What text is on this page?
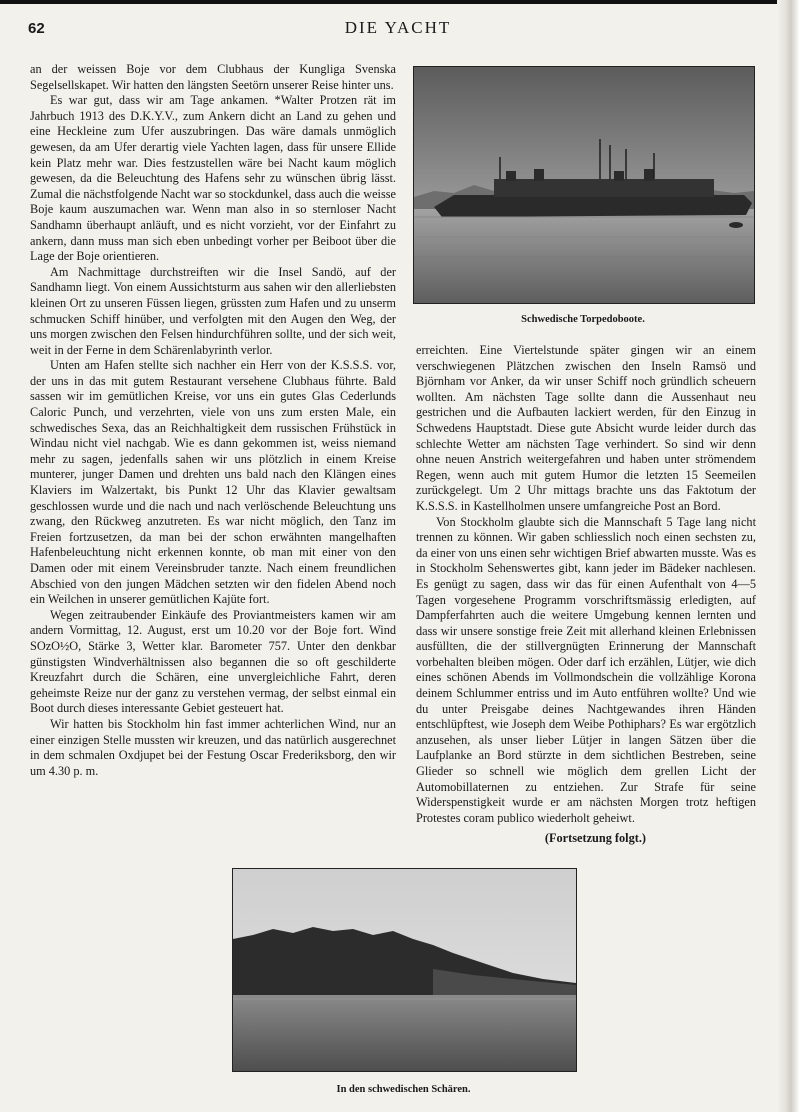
62	DIE YACHT

an der weissen Boje vor dem Clubhaus der Kungliga Svenska Segelsellskapet. Wir hatten den längsten Seetörn unserer Reise hinter uns.

Es war gut, dass wir am Tage ankamen. *Walter Protzen rät im Jahrbuch 1913 des D.K.Y.V., zum Ankern dicht an Land zu gehen und eine Heckleine zum Ufer auszubringen. Das wäre damals unmöglich gewesen, da am Ufer derartig viele Yachten lagen, dass für unsere Ellide kein Platz mehr war. Dies festzustellen wäre bei Nacht kaum möglich gewesen, da die Beleuchtung des Hafens sehr zu wünschen übrig lässt. Zumal die nächstfolgende Nacht war so stockdunkel, dass auch die weisse Boje kaum auszumachen war. Wenn man also in so sternloser Nacht Sandhamn überhaupt anläuft, und es nicht vorzieht, vor der Einfahrt zu ankern, dann muss man sich eben unbedingt vorher per Beiboot über die Lage der Boje orientieren.

Am Nachmittage durchstreiften wir die Insel Sandö, auf der Sandhamn liegt. Von einem Aussichtsturm aus sahen wir den allerliebsten kleinen Ort zu unseren Füssen liegen, grüssten zum Hafen und zu unserm schmucken Schiff hinüber, und verfolgten mit den Augen den Weg, der uns morgen zwischen den Felsen hindurchführen sollte, und der sich weit, weit in der Ferne in dem Schärenlabyrinth verlor.

Unten am Hafen stellte sich nachher ein Herr von der K.S.S.S. vor, der uns in das mit gutem Restaurant versehene Clubhaus führte. Bald sassen wir im gemütlichen Kreise, vor uns ein gutes Glas Cederlunds Caloric Punch, und verzehrten, viele von uns zum ersten Male, ein schwedisches Sexa, das an Reichhaltigkeit dem russischen Frühstück in Windau nicht viel nachgab. Wie es dann gekommen ist, weiss niemand mehr zu sagen, jedenfalls sahen wir uns plötzlich in einem Kreise munterer, junger Damen und drehten uns bald nach den Klängen eines Klaviers im Walzertakt, bis Punkt 12 Uhr das Klavier gewaltsam geschlossen wurde und die nach und nach verlöschende Beleuchtung uns zwang, den Rückweg anzutreten. Es war nicht möglich, den Tanz im Freien fortzusetzen, da man bei der schon erwähnten mangelhaften Hafenbeleuchtung nicht erkennen konnte, ob man mit einer von den Damen oder mit einem Vereinsbruder tanzte. Nach einem freundlichen Abschied von den jungen Mädchen setzten wir den fidelen Abend noch ein Weilchen in unserer gemütlichen Kajüte fort.

Wegen zeitraubender Einkäufe des Proviantmeisters kamen wir am andern Vormittag, 12. August, erst um 10.20 vor der Boje fort. Wind SOzO½O, Stärke 3, Wetter klar. Barometer 757. Unter den denkbar günstigsten Windverhältnissen also begannen die so oft geschilderte Kreuzfahrt durch die Schären, eine unvergleichliche Fahrt, deren geheimste Reize nur der ganz zu verstehen vermag, der selbst einmal ein Boot durch dieses interessante Gebiet gesteuert hat.

Wir hatten bis Stockholm hin fast immer achterlichen Wind, nur an einer einzigen Stelle mussten wir kreuzen, und das natürlich ausgerechnet in dem schmalen Oxdjupet bei der Festung Oscar Frederiksborg, den wir um 4.30 p. m.

Schwedische Torpedoboote.

erreichten. Eine Viertelstunde später gingen wir an einem verschwiegenen Plätzchen zwischen den Inseln Ramsö und Björnham vor Anker, da wir unser Schiff noch gründlich scheuern wollten. Am nächsten Tage sollte dann die Aussenhaut neu gestrichen und die Aufbauten lackiert werden, für den Einzug in Schwedens Hauptstadt. Diese gute Absicht wurde leider durch das schlechte Wetter am nächsten Tage verhindert. So sind wir denn ohne neuen Anstrich weitergefahren und haben unter strömendem Regen, wenn auch mit gutem Humor die letzten 15 Seemeilen zurückgelegt. Um 2 Uhr mittags brachte uns das Faktotum der K.S.S.S. in Kastellholmen unsere umfangreiche Post an Bord.

Von Stockholm glaubte sich die Mannschaft 5 Tage lang nicht trennen zu können. Wir gaben schliesslich noch einen sechsten zu, da einer von uns einen sehr wichtigen Brief abwarten musste. Was es in Stockholm Sehenswertes gibt, kann jeder im Bädeker nachlesen. Es genügt zu sagen, dass wir das für einen Aufenthalt von 4—5 Tagen vorgesehene Programm vorschriftsmässig erledigten, auf Dampferfahrten auch die weitere Umgebung kennen lernten und dass wir unsere sonstige freie Zeit mit allerhand kleinen Erlebnissen ausfüllten, die der stillvergnügten Erinnerung der Mannschaft vorbehalten bleiben mögen. Oder darf ich erzählen, Lütjer, wie dich eines schönen Abends im Vollmondschein die vollzählige Korona deinem Schlummer entriss und im Auto entführen wollte? Und wie du unter Preisgabe deines Nachtgewandes ihren Händen entschlüpftest, wie Joseph dem Weibe Pothiphars? Es war ergötzlich anzusehen, als unser lieber Lütjer in langen Sätzen über die Laufplanke an Bord stürzte in dem sichtlichen Bestreben, seine Glieder so schnell wie möglich dem grellen Licht der Automobillaternen zu entziehen. Zur Strafe für seine Widerspenstigkeit wurde er am nächsten Morgen trotz heftigen Protestes coram publico wiederholt geheiwt.

(Fortsetzung folgt.)
In den schwedischen Schären.
